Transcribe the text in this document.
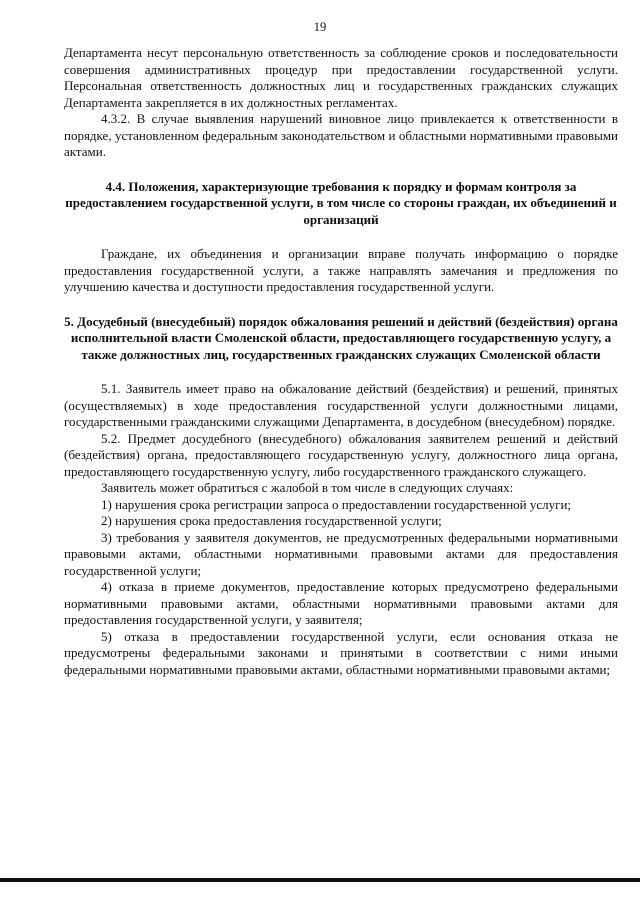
19

Департамента несут персональную ответственность за соблюдение сроков и последовательности совершения административных процедур при предоставлении государственной услуги. Персональная ответственность должностных лиц и государственных гражданских служащих Департамента закрепляется в их должностных регламентах.

4.3.2. В случае выявления нарушений виновное лицо привлекается к ответственности в порядке, установленном федеральным законодательством и областными нормативными правовыми актами.

4.4. Положения, характеризующие требования к порядку и формам контроля за предоставлением государственной услуги, в том числе со стороны граждан, их объединений и организаций

Граждане, их объединения и организации вправе получать информацию о порядке предоставления государственной услуги, а также направлять замечания и предложения по улучшению качества и доступности предоставления государственной услуги.

5. Досудебный (внесудебный) порядок обжалования решений и действий (бездействия) органа исполнительной власти Смоленской области, предоставляющего государственную услугу, а также должностных лиц, государственных гражданских служащих Смоленской области

5.1. Заявитель имеет право на обжалование действий (бездействия) и решений, принятых (осуществляемых) в ходе предоставления государственной услуги должностными лицами, государственными гражданскими служащими Департамента, в досудебном (внесудебном) порядке.

5.2. Предмет досудебного (внесудебного) обжалования заявителем решений и действий (бездействия) органа, предоставляющего государственную услугу, должностного лица органа, предоставляющего государственную услугу, либо государственного гражданского служащего.

Заявитель может обратиться с жалобой в том числе в следующих случаях:

1) нарушения срока регистрации запроса о предоставлении государственной услуги;

2) нарушения срока предоставления государственной услуги;

3) требования у заявителя документов, не предусмотренных федеральными нормативными правовыми актами, областными нормативными правовыми актами для предоставления государственной услуги;

4) отказа в приеме документов, предоставление которых предусмотрено федеральными нормативными правовыми актами, областными нормативными правовыми актами для предоставления государственной услуги, у заявителя;

5) отказа в предоставлении государственной услуги, если основания отказа не предусмотрены федеральными законами и принятыми в соответствии с ними иными федеральными нормативными правовыми актами, областными нормативными правовыми актами;
